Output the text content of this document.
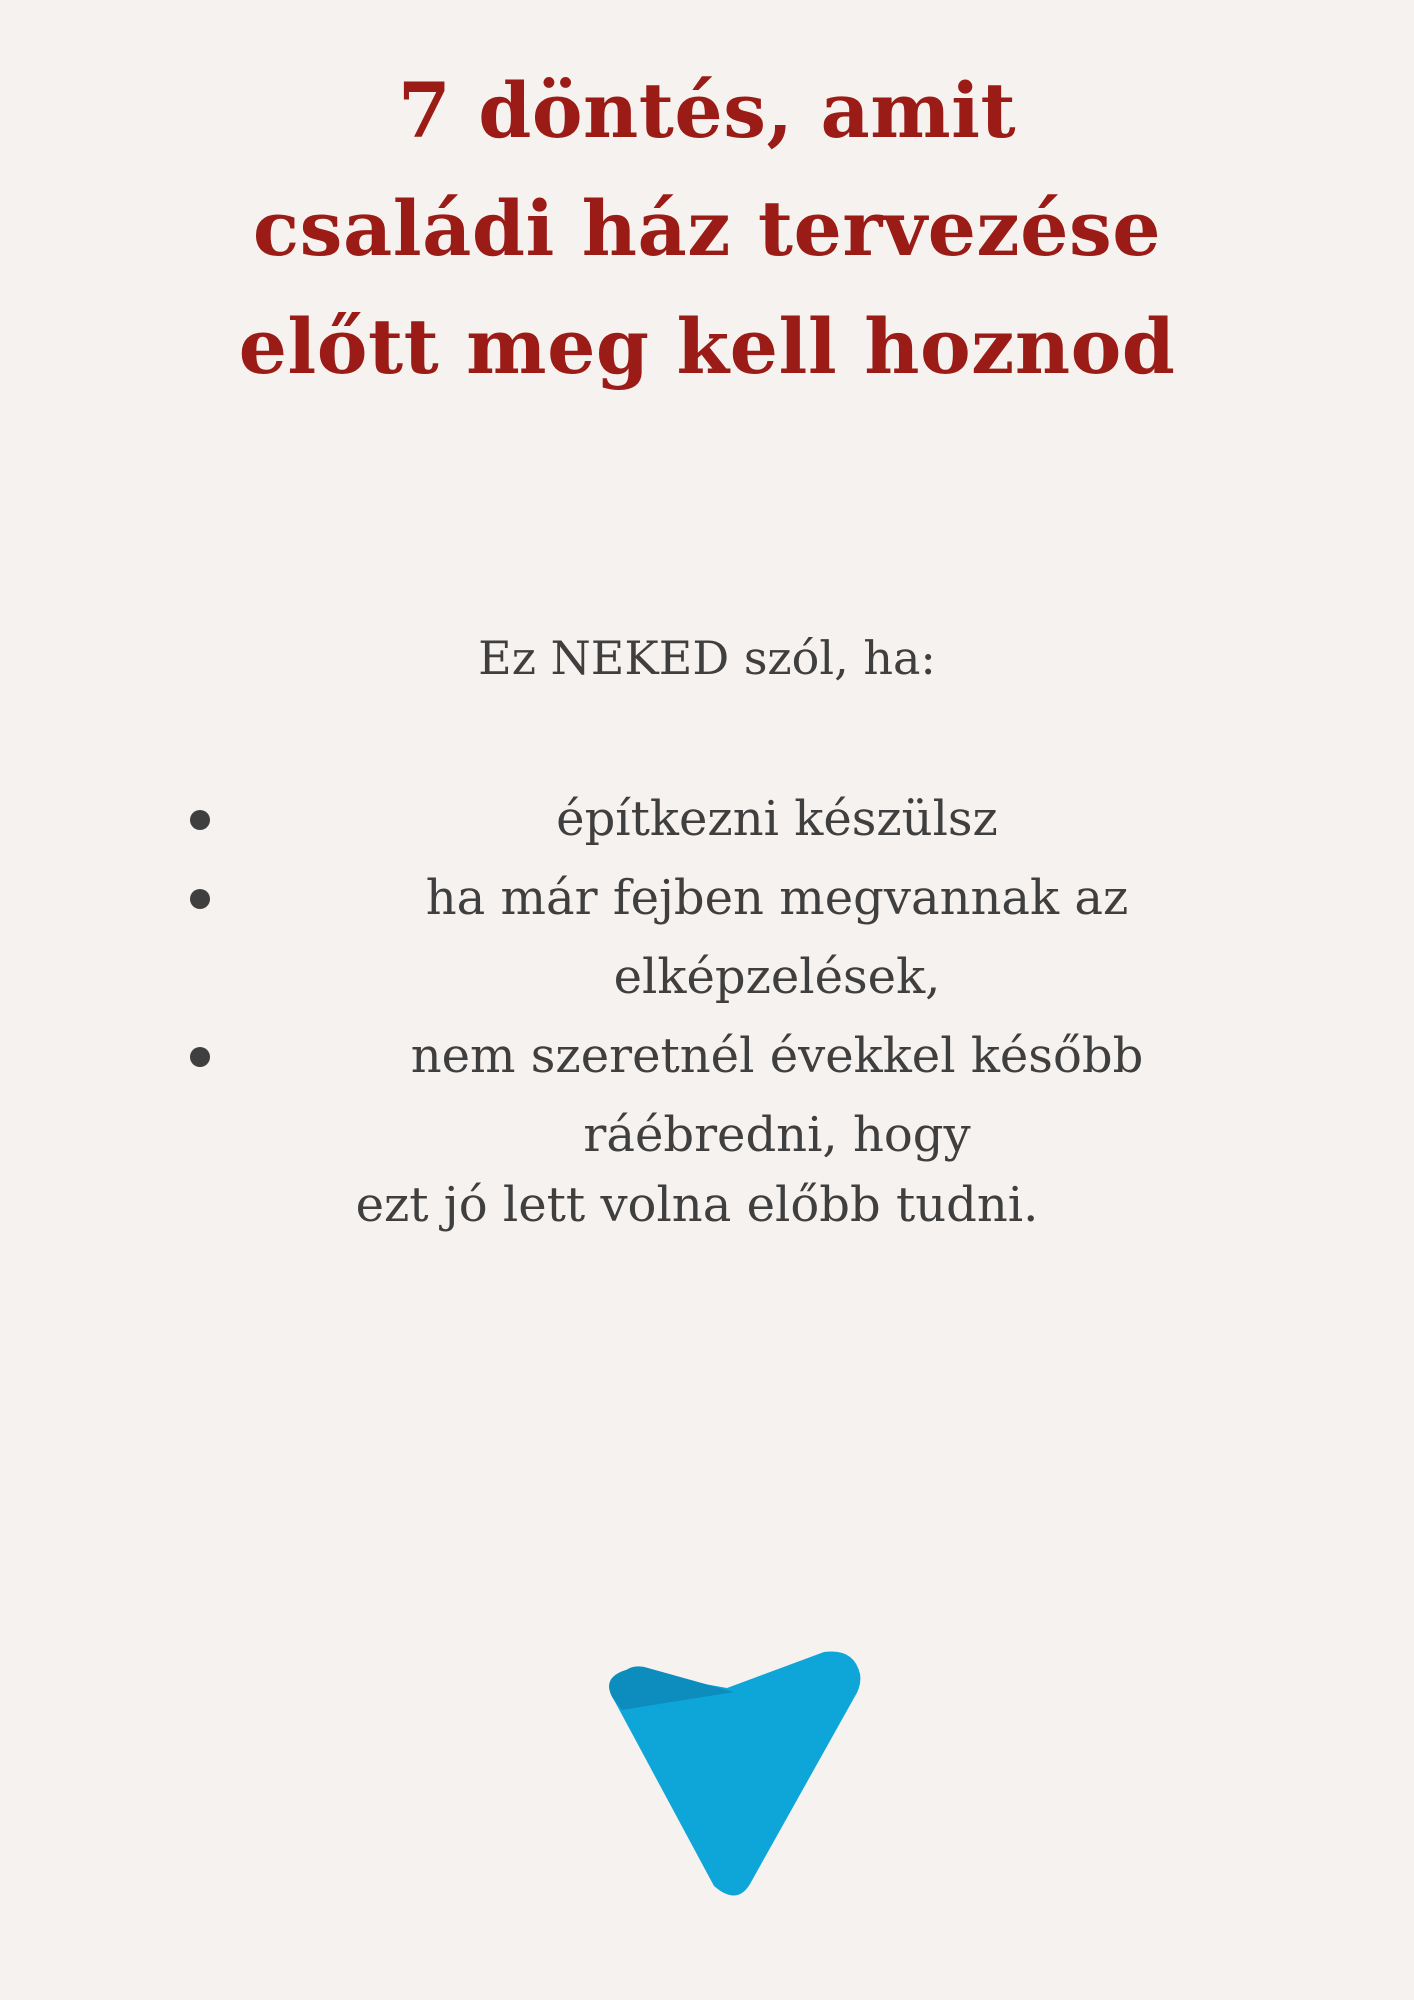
7 döntés, amit
családi ház tervezése
előtt meg kell hoznod

Ez NEKED szól, ha:

építkezni készülsz
ha már fejben megvannak az
elképzelések,
nem szeretnél évekkel később
ráébredni, hogy

ezt jó lett volna előbb tudni.
